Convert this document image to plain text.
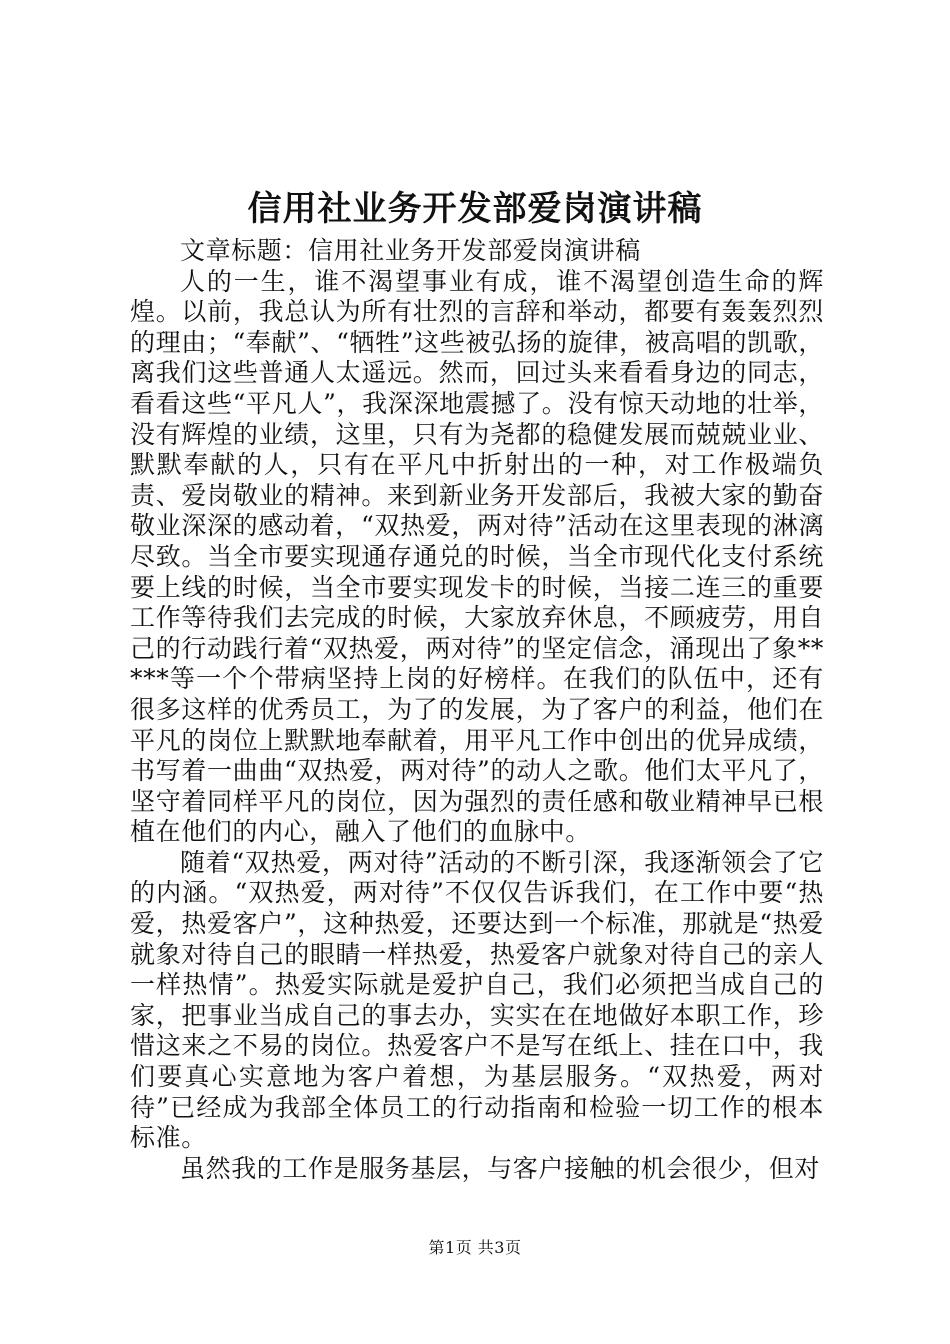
信用社业务开发部爱岗演讲稿

文章标题：信用社业务开发部爱岗演讲稿

人的一生，谁不渴望事业有成，谁不渴望创造生命的辉煌。以前，我总认为所有壮烈的言辞和举动，都要有轰轰烈烈的理由；“奉献”、“牺牲”这些被弘扬的旋律，被高唱的凯歌，离我们这些普通人太遥远。然而，回过头来看看身边的同志，看看这些“平凡人”，我深深地震撼了。没有惊天动地的壮举，没有辉煌的业绩，这里，只有为尧都的稳健发展而兢兢业业、默默奉献的人，只有在平凡中折射出的一种，对工作极端负责、爱岗敬业的精神。来到新业务开发部后，我被大家的勤奋敬业深深的感动着，“双热爱，两对待”活动在这里表现的淋漓尽致。当全市要实现通存通兑的时候，当全市现代化支付系统要上线的时候，当全市要实现发卡的时候，当接二连三的重要工作等待我们去完成的时候，大家放弃休息，不顾疲劳，用自己的行动践行着“双热爱，两对待”的坚定信念，涌现出了象*****等一个个带病坚持上岗的好榜样。在我们的队伍中，还有很多这样的优秀员工，为了的发展，为了客户的利益，他们在平凡的岗位上默默地奉献着，用平凡工作中创出的优异成绩，书写着一曲曲“双热爱，两对待”的动人之歌。他们太平凡了，坚守着同样平凡的岗位，因为强烈的责任感和敬业精神早已根植在他们的内心，融入了他们的血脉中。

随着“双热爱，两对待”活动的不断引深，我逐渐领会了它的内涵。“双热爱，两对待”不仅仅告诉我们，在工作中要“热爱，热爱客户”，这种热爱，还要达到一个标准，那就是“热爱就象对待自己的眼睛一样热爱，热爱客户就象对待自己的亲人一样热情”。热爱实际就是爱护自己，我们必须把当成自己的家，把事业当成自己的事去办，实实在在地做好本职工作，珍惜这来之不易的岗位。热爱客户不是写在纸上、挂在口中，我们要真心实意地为客户着想，为基层服务。“双热爱，两对待”已经成为我部全体员工的行动指南和检验一切工作的根本标准。

虽然我的工作是服务基层，与客户接触的机会很少，但对

第1页 共3页
